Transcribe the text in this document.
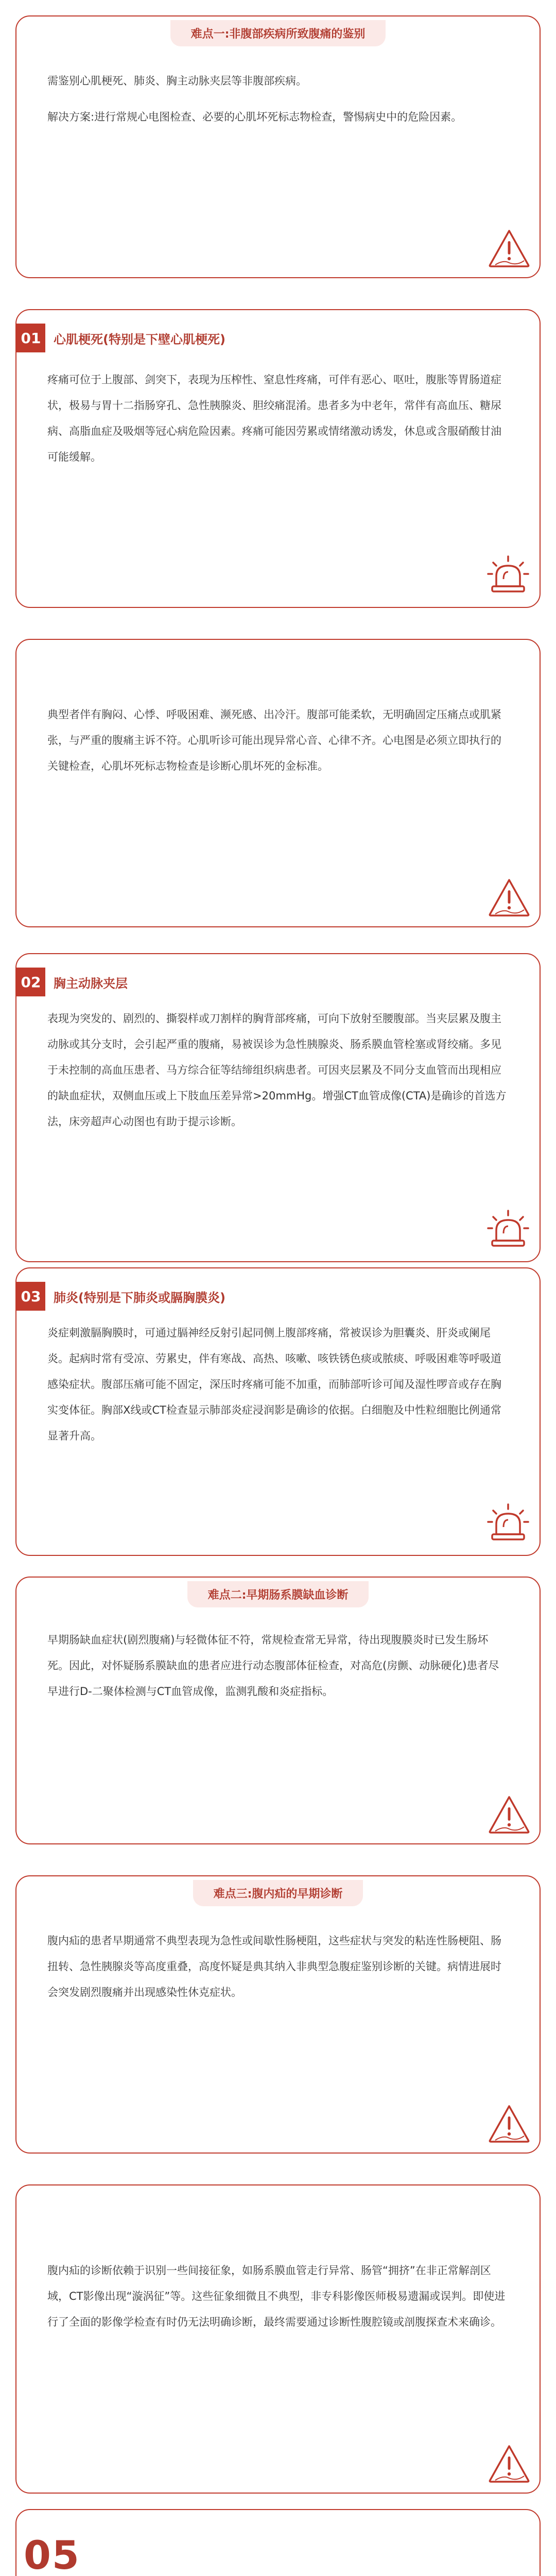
难点一:非腹部疾病所致腹痛的鉴别

需鉴别心肌梗死、肺炎、胸主动脉夹层等非腹部疾病。

解决方案:进行常规心电图检查、必要的心肌坏死标志物检查，警惕病史中的危险因素。

01	心肌梗死(特别是下壁心肌梗死)
疼痛可位于上腹部、剑突下，表现为压榨性、窒息性疼痛，可伴有恶心、呕吐，腹胀等胃肠道症状，极易与胃十二指肠穿孔、急性胰腺炎、胆绞痛混淆。患者多为中老年，常伴有高血压、糖尿病、高脂血症及吸烟等冠心病危险因素。疼痛可能因劳累或情绪激动诱发，休息或含服硝酸甘油可能缓解。
典型者伴有胸闷、心悸、呼吸困难、濒死感、出冷汗。腹部可能柔软，无明确固定压痛点或肌紧张，与严重的腹痛主诉不符。心肌听诊可能出现异常心音、心律不齐。心电图是必须立即执行的关键检查，心肌坏死标志物检查是诊断心肌坏死的金标准。
02	胸主动脉夹层
表现为突发的、剧烈的、撕裂样或刀割样的胸背部疼痛，可向下放射至腰腹部。当夹层累及腹主动脉或其分支时，会引起严重的腹痛，易被误诊为急性胰腺炎、肠系膜血管栓塞或肾绞痛。多见于未控制的高血压患者、马方综合征等结缔组织病患者。可因夹层累及不同分支血管而出现相应的缺血症状，双侧血压或上下肢血压差异常>20mmHg。增强CT血管成像(CTA)是确诊的首选方法，床旁超声心动图也有助于提示诊断。
03	肺炎(特别是下肺炎或膈胸膜炎)
炎症刺激膈胸膜时，可通过膈神经反射引起同侧上腹部疼痛，常被误诊为胆囊炎、肝炎或阑尾炎。起病时常有受凉、劳累史，伴有寒战、高热、咳嗽、咳铁锈色痰或脓痰、呼吸困难等呼吸道感染症状。腹部压痛可能不固定，深压时疼痛可能不加重，而肺部听诊可闻及湿性啰音或存在胸实变体征。胸部X线或CT检查显示肺部炎症浸润影是确诊的依据。白细胞及中性粒细胞比例通常显著升高。
难点二:早期肠系膜缺血诊断
早期肠缺血症状(剧烈腹痛)与轻微体征不符，常规检查常无异常，待出现腹膜炎时已发生肠坏死。因此，对怀疑肠系膜缺血的患者应进行动态腹部体征检查，对高危(房颤、动脉硬化)患者尽早进行D-二聚体检测与CT血管成像，监测乳酸和炎症指标。
难点三:腹内疝的早期诊断
腹内疝的患者早期通常不典型表现为急性或间歇性肠梗阻，这些症状与突发的粘连性肠梗阻、肠扭转、急性胰腺炎等高度重叠，高度怀疑是典其纳入非典型急腹症鉴别诊断的关键。病情进展时会突发剧烈腹痛并出现感染性休克症状。
腹内疝的诊断依赖于识别一些间接征象，如肠系膜血管走行异常、肠管“拥挤”在非正常解剖区域，CT影像出现“漩涡征”等。这些征象细微且不典型，非专科影像医师极易遗漏或误判。即使进行了全面的影像学检查有时仍无法明确诊断，最终需要通过诊断性腹腔镜或剖腹探查术来确诊。
05
